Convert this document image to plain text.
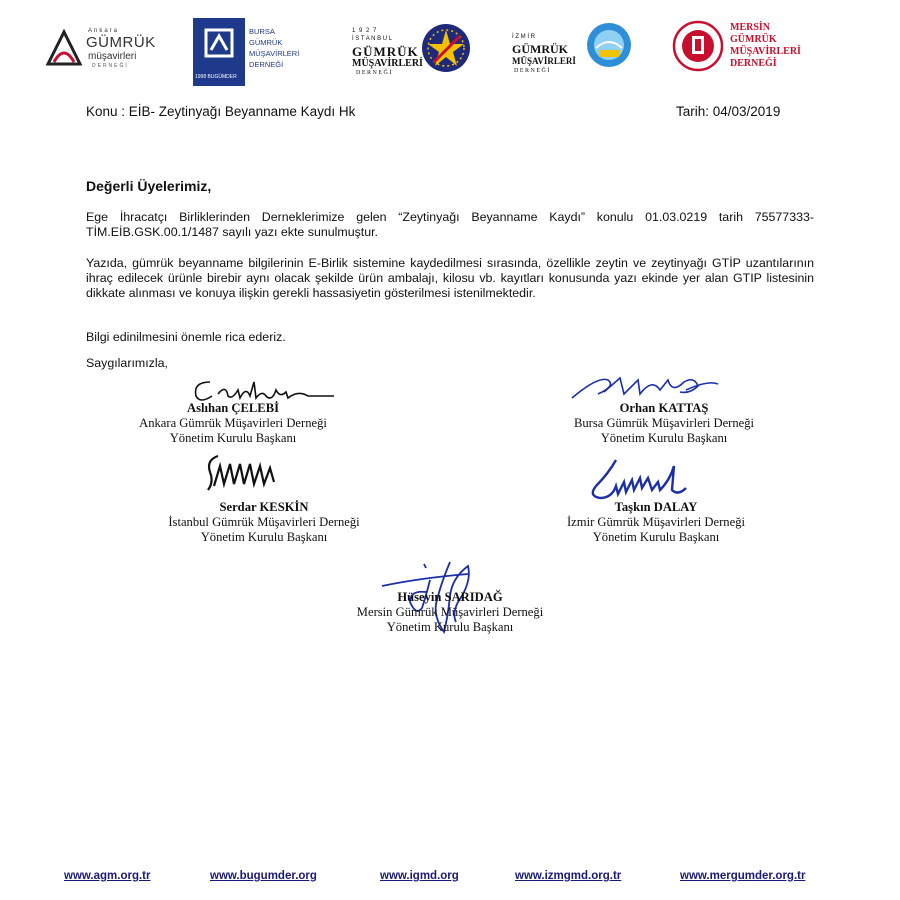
Ankara
GÜMRÜK
müşavirleri
DERNEĞİ
1998 BUGÜMDER
BURSA
GÜMRÜK
MÜŞAVİRLERİ
DERNEĞİ
1 9 2 7
İ S T A N B U L
GÜMRÜK
MÜŞAVİRLERİ
D E R N E Ğ İ
İ Z M İ R
GÜMRÜK
MÜŞAVİRLERİ
D E R N E Ğ İ
MERSİN
GÜMRÜK
MÜŞAVİRLERİ
DERNEĞİ
Konu : EİB- Zeytinyağı Beyanname Kaydı Hk	Tarih: 04/03/2019
Değerli Üyelerimiz,
Ege İhracatçı Birliklerinden Derneklerimize gelen “Zeytinyağı Beyanname Kaydı” konulu 01.03.0219 tarih 75577333-TİM.EİB.GSK.00.1/1487 sayılı yazı ekte sunulmuştur.
Yazıda, gümrük beyanname bilgilerinin E-Birlik sistemine kaydedilmesi sırasında, özellikle zeytin ve zeytinyağı GTİP uzantılarının ihraç edilecek ürünle birebir aynı olacak şekilde ürün ambalajı, kilosu vb. kayıtları konusunda yazı ekinde yer alan GTIP listesinin dikkate alınması ve konuya ilişkin gerekli hassasiyetin gösterilmesi istenilmektedir.
Bilgi edinilmesini önemle rica ederiz.
Saygılarımızla,
Aslıhan ÇELEBİ
Ankara Gümrük Müşavirleri Derneği
Yönetim Kurulu Başkanı
Orhan KATTAŞ
Bursa Gümrük Müşavirleri Derneği
Yönetim Kurulu Başkanı
Serdar KESKİN
İstanbul Gümrük Müşavirleri Derneği
Yönetim Kurulu Başkanı
Taşkın DALAY
İzmir Gümrük Müşavirleri Derneği
Yönetim Kurulu Başkanı
Hüseyin SARIDAĞ
Mersin Gümrük Müşavirleri Derneği
Yönetim Kurulu Başkanı
www.agm.org.tr	www.bugumder.org	www.igmd.org	www.izmgmd.org.tr	www.mergumder.org.tr
